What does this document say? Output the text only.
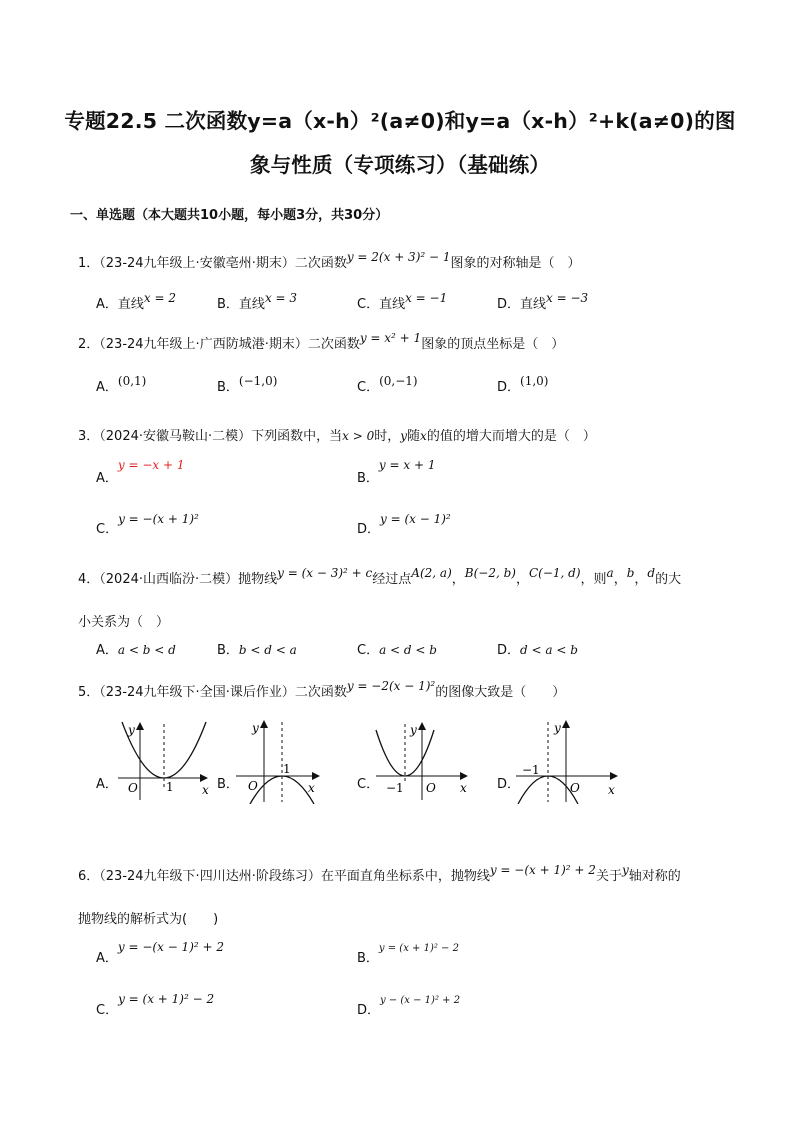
专题22.5 二次函数y=a（x-h）²(a≠0)和y=a（x-h）²+k(a≠0)的图
象与性质（专项练习）（基础练）
一、单选题（本大题共10小题，每小题3分，共30分）
1．（23-24九年级上·安徽亳州·期末）二次函数y = 2(x + 3)² − 1图象的对称轴是（　）
A．直线x = 2	B．直线x = 3	C．直线x = −1	D．直线x = −3
2．（23-24九年级上·广西防城港·期末）二次函数y = x² + 1图象的顶点坐标是（　）
A．(0,1)	B．(−1,0)	C．(0,−1)	D．(1,0)
3．（2024·安徽马鞍山·二模）下列函数中，当x > 0时，y随x的值的增大而增大的是（　）
A．y = −x + 1
B．y = x + 1
C．y = −(x + 1)²
D．y = (x − 1)²
4．（2024·山西临汾·二模）抛物线y = (x − 3)² + c经过点A(2, a)，B(−2, b)，C(−1, d)，则a，b，d的大
小关系为（　）
A．a < b < d	B．b < d < a	C．a < d < b	D．d < a < b
5．（23-24九年级下·全国·课后作业）二次函数y = −2(x − 1)²的图像大致是（　　）
A．	B．	C．	D．
y
x
O 1
y
x
O
1
y
x
O
−1
y
x
O
−1
6．（23-24九年级下·四川达州·阶段练习）在平面直角坐标系中，抛物线y = −(x + 1)² + 2关于y轴对称的
抛物线的解析式为(　　)
A．y = −(x − 1)² + 2
B．y = (x + 1)² − 2
C．y = (x + 1)² − 2
D．y − (x − 1)² + 2
